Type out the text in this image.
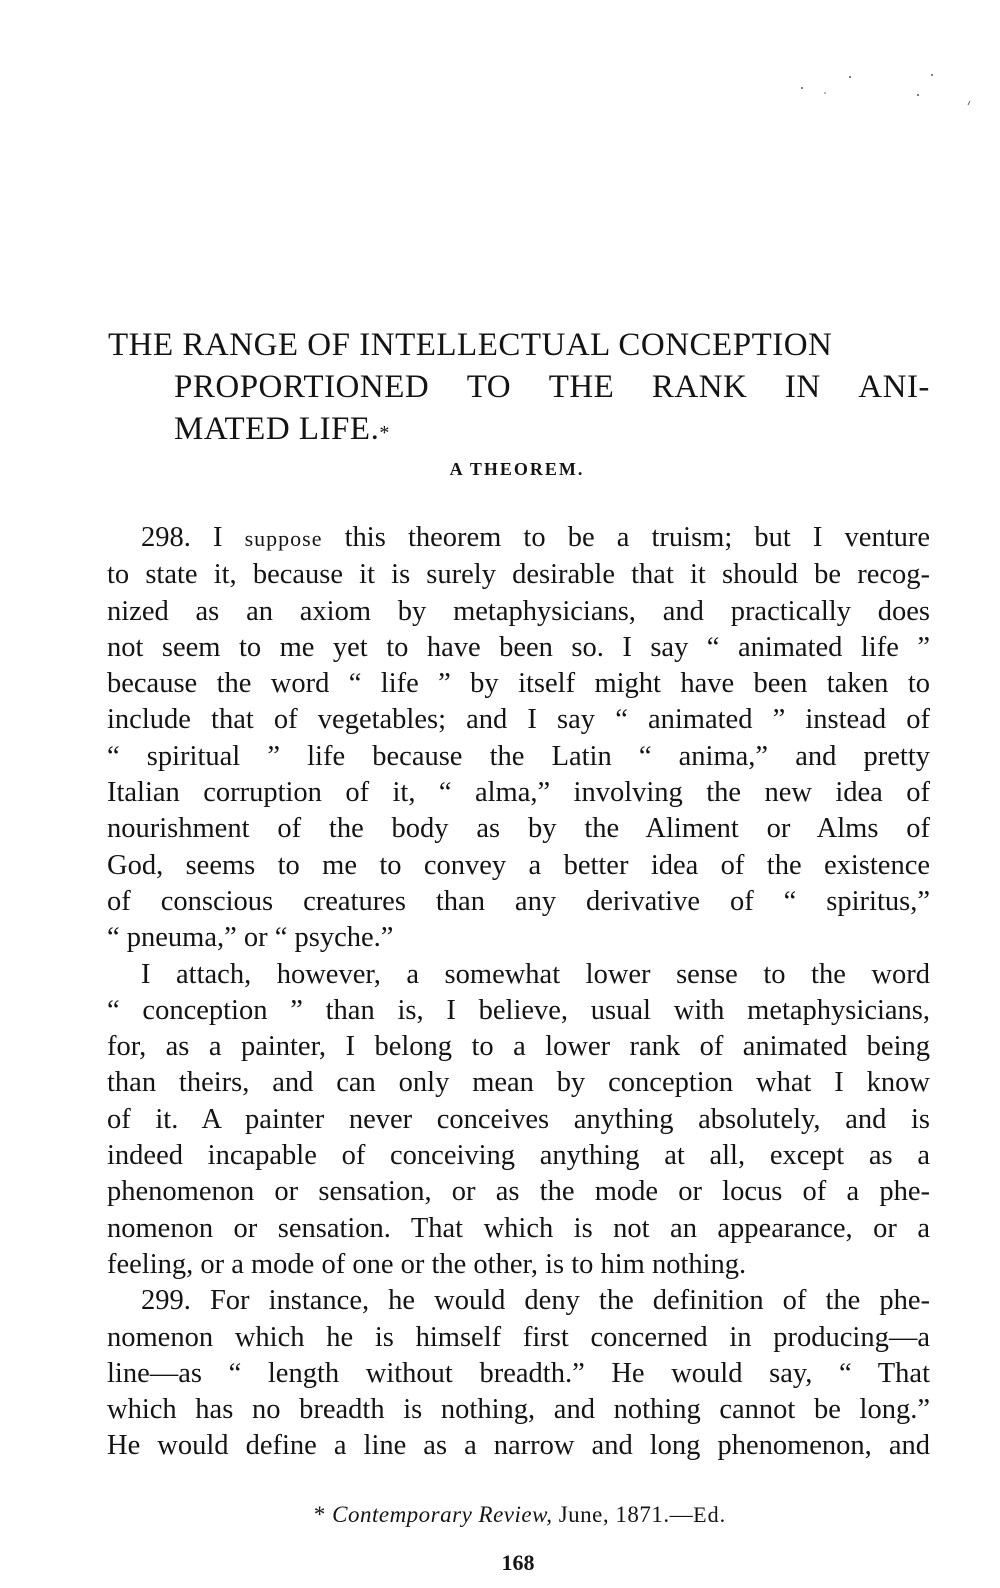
THE RANGE OF INTELLECTUAL CONCEPTION
PROPORTIONED TO THE RANK IN ANI-
MATED LIFE.*
A THEOREM.
298. I suppose this theorem to be a truism; but I venture
to state it, because it is surely desirable that it should be recog-
nized as an axiom by metaphysicians, and practically does
not seem to me yet to have been so. I say “ animated life ”
because the word “ life ” by itself might have been taken to
include that of vegetables; and I say “ animated ” instead of
“ spiritual ” life because the Latin “ anima,” and pretty
Italian corruption of it, “ alma,” involving the new idea of
nourishment of the body as by the Aliment or Alms of
God, seems to me to convey a better idea of the existence
of conscious creatures than any derivative of “ spiritus,”
“ pneuma,” or “ psyche.”
I attach, however, a somewhat lower sense to the word
“ conception ” than is, I believe, usual with metaphysicians,
for, as a painter, I belong to a lower rank of animated being
than theirs, and can only mean by conception what I know
of it. A painter never conceives anything absolutely, and is
indeed incapable of conceiving anything at all, except as a
phenomenon or sensation, or as the mode or locus of a phe-
nomenon or sensation. That which is not an appearance, or a
feeling, or a mode of one or the other, is to him nothing.
299. For instance, he would deny the definition of the phe-
nomenon which he is himself first concerned in producing—a
line—as “ length without breadth.” He would say, “ That
which has no breadth is nothing, and nothing cannot be long.”
He would define a line as a narrow and long phenomenon, and
* Contemporary Review, June, 1871.—Ed.
168
